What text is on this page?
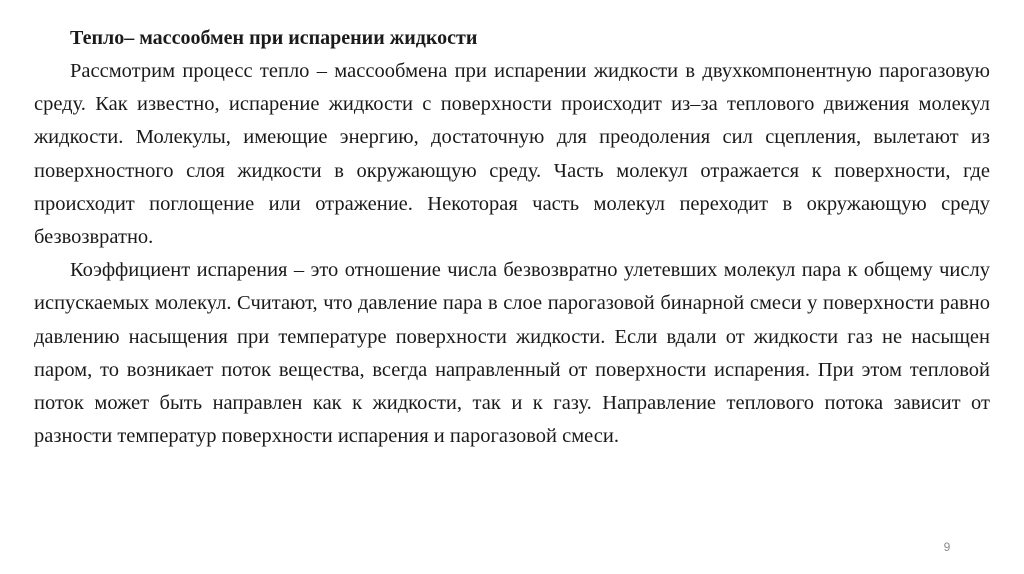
Тепло– массообмен при испарении жидкости

Рассмотрим процесс тепло – массообмена при испарении жидкости в двухкомпонентную парогазовую среду. Как известно, испарение жидкости с поверхности происходит из–за теплового движения молекул жидкости. Молекулы, имеющие энергию, достаточную для преодоления сил сцепления, вылетают из поверхностного слоя жидкости в окружающую среду. Часть молекул отражается к поверхности, где происходит поглощение или отражение. Некоторая часть молекул переходит в окружающую среду безвозвратно.

Коэффициент испарения – это отношение числа безвозвратно улетевших молекул пара к общему числу испускаемых молекул. Считают, что давление пара в слое парогазовой бинарной смеси у поверхности равно давлению насыщения при температуре поверхности жидкости. Если вдали от жидкости газ не насыщен паром, то возникает поток вещества, всегда направленный от поверхности испарения. При этом тепловой поток может быть направлен как к жидкости, так и к газу. Направление теплового потока зависит от разности температур поверхности испарения и парогазовой смеси.

9
